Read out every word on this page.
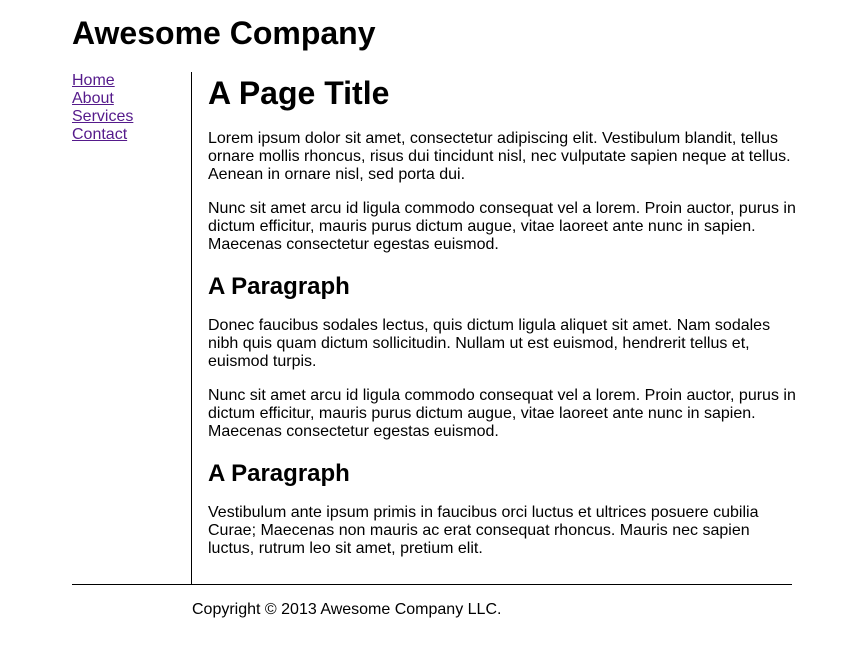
Awesome Company
Home
About
Services
Contact
A Page Title

Lorem ipsum dolor sit amet, consectetur adipiscing elit. Vestibulum blandit, tellus ornare mollis rhoncus, risus dui tincidunt nisl, nec vulputate sapien neque at tellus. Aenean in ornare nisl, sed porta dui.

Nunc sit amet arcu id ligula commodo consequat vel a lorem. Proin auctor, purus in dictum efficitur, mauris purus dictum augue, vitae laoreet ante nunc in sapien. Maecenas consectetur egestas euismod.

A Paragraph

Donec faucibus sodales lectus, quis dictum ligula aliquet sit amet. Nam sodales nibh quis quam dictum sollicitudin. Nullam ut est euismod, hendrerit tellus et, euismod turpis.

Nunc sit amet arcu id ligula commodo consequat vel a lorem. Proin auctor, purus in dictum efficitur, mauris purus dictum augue, vitae laoreet ante nunc in sapien. Maecenas consectetur egestas euismod.

A Paragraph

Vestibulum ante ipsum primis in faucibus orci luctus et ultrices posuere cubilia Curae; Maecenas non mauris ac erat consequat rhoncus. Mauris nec sapien luctus, rutrum leo sit amet, pretium elit.

Copyright © 2013 Awesome Company LLC.
